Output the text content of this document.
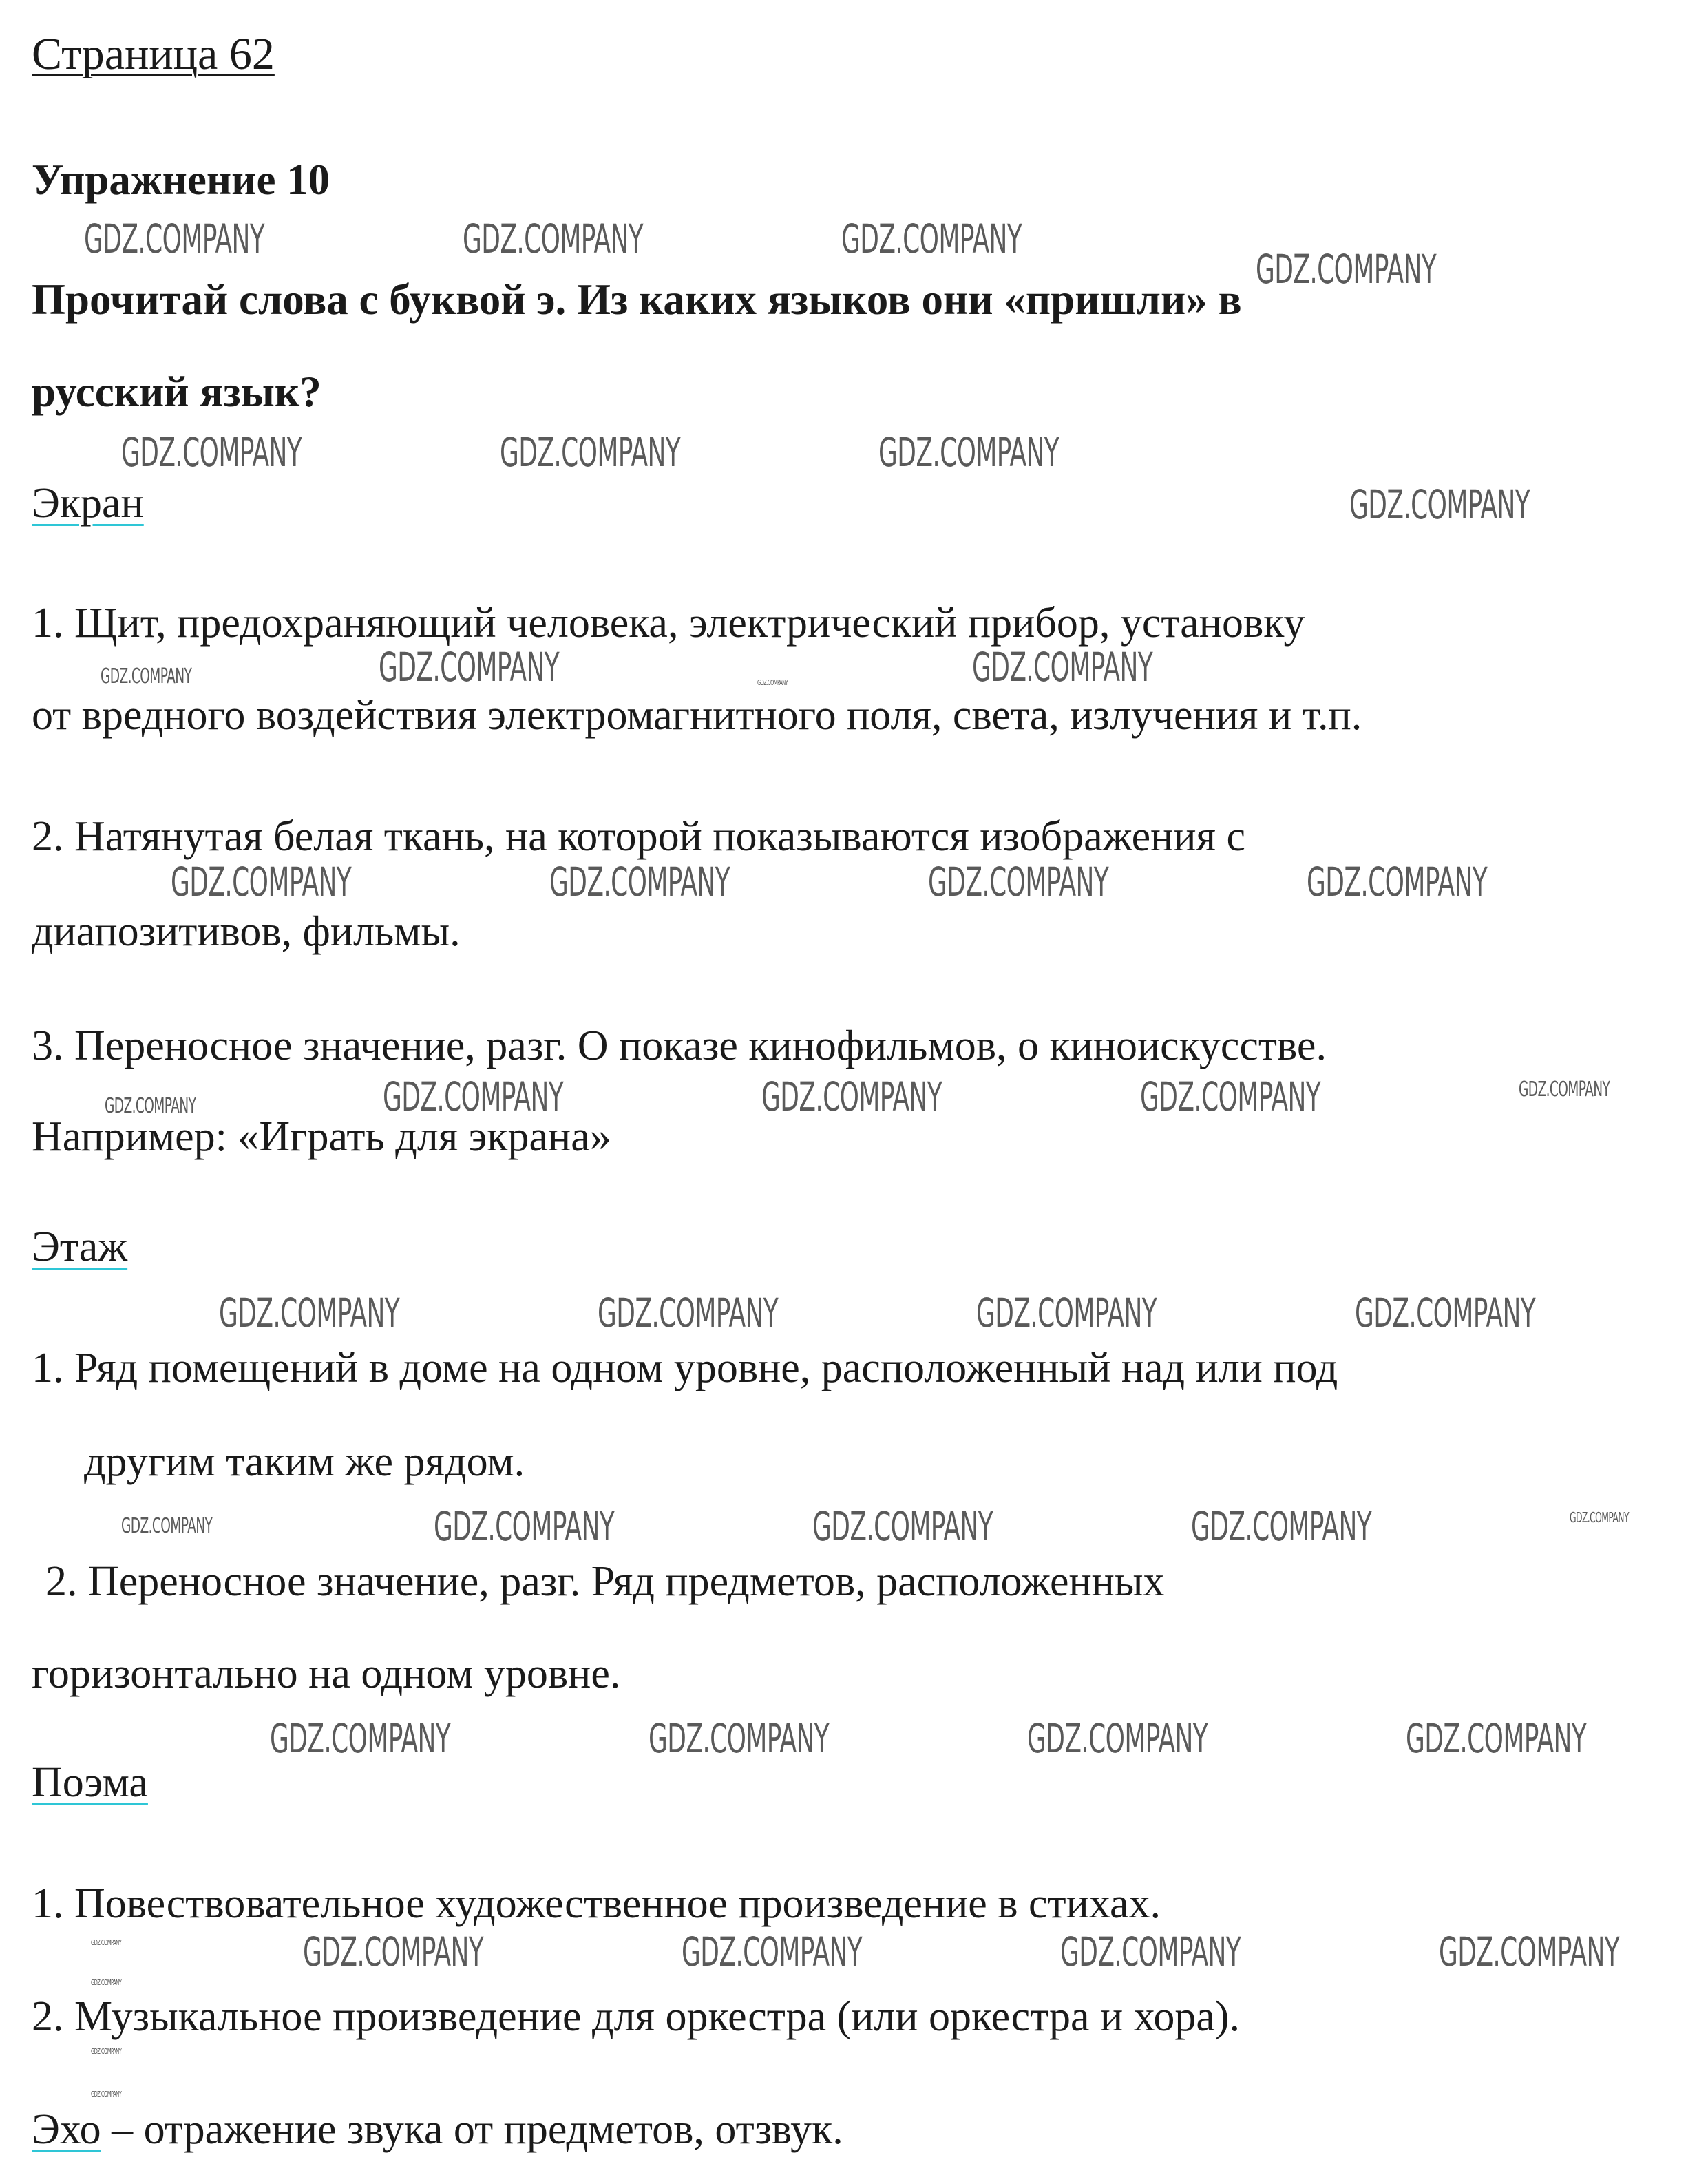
Страница 62
Упражнение 10
Прочитай слова с буквой э. Из каких языков они «пришли» в
русский язык?
Экран
1. Щит, предохраняющий человека, электрический прибор, установку
от вредного воздействия электромагнитного поля, света, излучения и т.п.
2. Натянутая белая ткань, на которой показываются изображения с
диапозитивов, фильмы.
3. Переносное значение, разг. О показе кинофильмов, о киноискусстве.
Например: «Играть для экрана»
Этаж
1. Ряд помещений в доме на одном уровне, расположенный над или под
другим таким же рядом.
2. Переносное значение, разг. Ряд предметов, расположенных
горизонтально на одном уровне.
Поэма
1. Повествовательное художественное произведение в стихах.
2. Музыкальное произведение для оркестра (или оркестра и хора).
Эхо – отражение звука от предметов, отзвук.
GDZ.COMPANY	GDZ.COMPANY	GDZ.COMPANY
GDZ.COMPANY
GDZ.COMPANY	GDZ.COMPANY	GDZ.COMPANY
GDZ.COMPANY
GDZ.COMPANY	GDZ.COMPANY	GDZ.COMPANY	GDZ.COMPANY
GDZ.COMPANY	GDZ.COMPANY	GDZ.COMPANY	GDZ.COMPANY
GDZ.COMPANY	GDZ.COMPANY	GDZ.COMPANY	GDZ.COMPANY	GDZ.COMPANY
GDZ.COMPANY	GDZ.COMPANY	GDZ.COMPANY	GDZ.COMPANY
GDZ.COMPANY	GDZ.COMPANY	GDZ.COMPANY	GDZ.COMPANY	GDZ.COMPANY
GDZ.COMPANY	GDZ.COMPANY	GDZ.COMPANY	GDZ.COMPANY
GDZ.COMPANY	GDZ.COMPANY	GDZ.COMPANY	GDZ.COMPANY	GDZ.COMPANY
GDZ.COMPANY
GDZ.COMPANY
GDZ.COMPANY
